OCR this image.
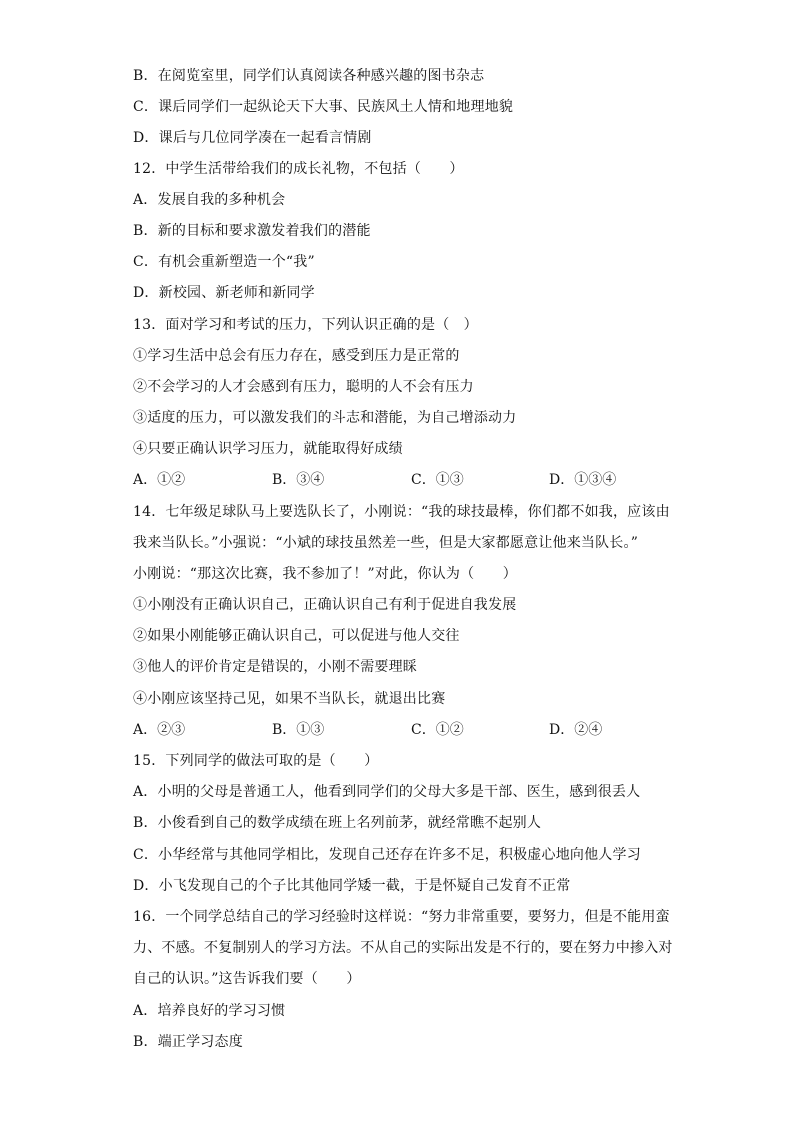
B．在阅览室里，同学们认真阅读各种感兴趣的图书杂志
C．课后同学们一起纵论天下大事、民族风土人情和地理地貌
D．课后与几位同学凑在一起看言情剧
12．中学生活带给我们的成长礼物，不包括（　　）
A．发展自我的多种机会
B．新的目标和要求激发着我们的潜能
C．有机会重新塑造一个“我”
D．新校园、新老师和新同学
13．面对学习和考试的压力，下列认识正确的是（　）
①学习生活中总会有压力存在，感受到压力是正常的
②不会学习的人才会感到有压力，聪明的人不会有压力
③适度的压力，可以激发我们的斗志和潜能，为自己增添动力
④只要正确认识学习压力，就能取得好成绩
A．①②	B．③④	C．①③	D．①③④
14．七年级足球队马上要选队长了，小刚说：“我的球技最棒，你们都不如我，应该由
我来当队长。”小强说：“小斌的球技虽然差一些，但是大家都愿意让他来当队长。”
小刚说：“那这次比赛，我不参加了！”对此，你认为（　　）
①小刚没有正确认识自己，正确认识自己有利于促进自我发展
②如果小刚能够正确认识自己，可以促进与他人交往
③他人的评价肯定是错误的，小刚不需要理睬
④小刚应该坚持己见，如果不当队长，就退出比赛
A．②③	B．①③	C．①②	D．②④
15．下列同学的做法可取的是（　　）
A．小明的父母是普通工人，他看到同学们的父母大多是干部、医生，感到很丢人
B．小俊看到自己的数学成绩在班上名列前茅，就经常瞧不起别人
C．小华经常与其他同学相比，发现自己还存在许多不足，积极虚心地向他人学习
D．小飞发现自己的个子比其他同学矮一截，于是怀疑自己发育不正常
16．一个同学总结自己的学习经验时这样说：“努力非常重要，要努力，但是不能用蛮
力、不感。不复制别人的学习方法。不从自己的实际出发是不行的，要在努力中掺入对
自己的认识。”这告诉我们要（　　）
A．培养良好的学习习惯
B．端正学习态度
